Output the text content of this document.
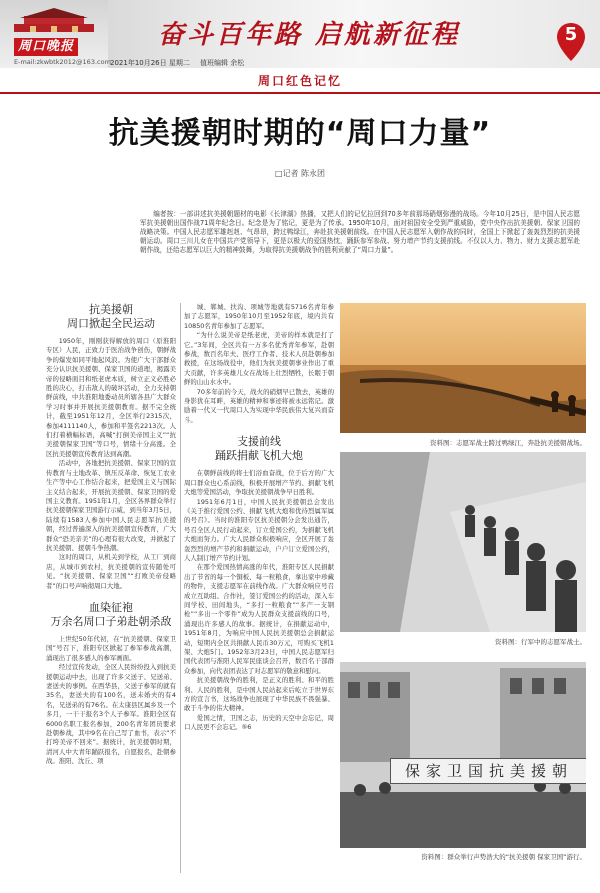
周口晚报
E-mail:zkwbtk2012@163.com 2021年10月26日 星期二 值班编辑 余松
奋斗百年路 启航新征程
周口红色记忆
5
抗美援朝时期的“周口力量”
□记者 陈永团
编者按：一部讲述抗美援朝题材的电影《长津湖》热播，又把人们的记忆拉回到70多年前那场硝烟弥漫的战场。今年10月25日，是中国人民志愿军抗美援朝出国作战71周年纪念日。纪念是为了铭记，更是为了传承。1950年10月，面对祖国安全受到严重威胁，党中央作出抗美援朝、保家卫国的战略决策。中国人民志愿军雄赳赳、气昂昂，跨过鸭绿江，奔赴抗美援朝前线。在中国人民志愿军入朝作战的同时，全国上下掀起了轰轰烈烈的抗美援朝运动。周口三川儿女在中国共产党领导下，更是以极大的爱国热忱，踊跃参军参战、努力增产节约支援前线。不仅以人力、物力、财力支援志愿军赴朝作战，还给志愿军以巨大的精神鼓舞，为取得抗美援朝战争的胜利贡献了“周口力量”。
抗美援朝
周口掀起全民运动

1950年，刚刚获得解放的周口（原淮阳专区）人民，正致力于医治战争创伤，朝鲜战争的爆发如同平地起风浪。为使广大干部群众充分认识抗美援朝、保家卫国的道理，揭露美帝的侵略面目和纸老虎本质，树立正义必胜必胜的决心，打击敌人的破坏活动，全力支持朝鲜前线，中共淮阳地委动员所辖各县广大群众学习时事并开展抗美援朝教育。据不完全统计，截至1951年12月，全区举行2315次，参加4111140人，参加和平签名2213次。人们打着横幅标语，高喊“打倒美帝国主义”“抗美援朝保家卫国”等口号，情绪十分高涨。全区抗美援朝宣传教育达到高潮。

活动中，各地把抗美援朝、保家卫国的宣传教育与土地改革、镇压反革命、恢复工农业生产等中心工作结合起来，把爱国主义与国际主义结合起来，开展抗美援朝、保家卫国的爱国主义教育。1951年1月，全区各界群众举行抗美援朝保家卫国游行示威，到当年3月5日，陆续有1583人参加中国人民志愿军抗美援朝，经过普遍深入的抗美援朝宣传教育，广大群众“恐美亲美”的心理有很大改变，并掀起了抗美援朝、援朝斗争热潮。

这时的周口，从机关到学校，从工厂到商店，从城市到农村，抗美援朝的宣传随处可见。“抗美援朝、保家卫国”“打败美帝侵略者”的口号声响彻周口大地。

血染征袍
万余名周口子弟赴朝杀敌

上世纪50年代初，在“抗美援朝、保家卫国”号召下，淮阳专区掀起了参军参战高潮，涌现出了很多感人的参军画面。

经过宣传发动，全区人民纷纷投入到抗美援朝运动中去，出现了许多父送子、兄送弟、妻送夫的事例。在西华县，父送子参军的就有35名，妻送夫的有100名，送未婚夫的有4名，兄送弟的有76名。在太康县区属乡及一个多月，一干干报名3个人子参军。淮阳全区有6000名职工报名参加，200名青年团员要求赴朝参战，其中9名在自己写了血书，表示“不打垮美帝不回来”。据统计，抗美援朝时期，清河人中大青年踊跃报名，自愿报名，赴朝参战。淮阳、沈丘、项

城、郸城、扶沟、项城等地就有5716名青年参加了志愿军，1950年10月至1952年底，境内共有10850名青年参加了志愿军。

“为什么说美帝是纸老虎，美帝的样本就是打了它。”3年间，全区共有一万多名优秀青年参军，赴朝参战，数百名年夫、医疗工作者、技术人员赴朝参加救援，在这场战役中，他们为抗美援朝事业作出了重大贡献，许多英雄儿女在战场上壮烈牺牲，长眠于朝鲜的山山水水中。

70多年前的今天，战火的硝烟早已散去，英雄的身影犹在耳畔，英雄的精神和事迹将被永远铭记。激励着一代又一代周口人为实现中华民族伟大复兴而奋斗。

支援前线
踊跃捐献飞机大炮

在朝鲜前线的将士们浴血奋战，位于后方的广大周口群众也心系前线，积极开展增产节约、捐献飞机大炮等爱国活动，争取抗美援朝战争早日胜利。

1951年6月1日，中国人民抗美援朝总会发出《关于推行爱国公约、捐献飞机大炮和优待烈属军属的号召》。当时的淮阳专区抗美援朝分会发出通告，号召全区人民行动起来，订立爱国公约，为捐献飞机大炮而努力。广大人民群众积极响应，全区开展了轰轰烈烈的增产节约和捐献运动，户户订立爱国公约，人人制订增产节约计划。

在那个爱国热情高涨的年代，淮阳专区人民捐献出了节省的每一个铜板、每一粒粮食，拿出家中珍藏的物件，支援志愿军在前线作战。广大群众响应号召成立互助组、合作社，签订爱国公约的活动，深入车间学校、田间地头，“多打一粒粮食”“多产一支钢枪”“多出一个零件”成为人民群众支援前线的口号，涌现出许多感人的故事。据统计，在捐献运动中，1951年8月，为响应中国人民抗美援朝总会捐献运动，短期内全区共捐献人民币30万元，可购买飞机1架、大炮5门。1952年3月23日，中国人民志愿军归国代表团与淮阳人民军民座谈会召开，数百名干部群众参加，向代表团表达了对志愿军的敬意和慰问。

抗美援朝战争的胜利，是正义的胜利、和平的胜利、人民的胜利，是中国人民站起来后屹立于世界东方的宣言书，这场战争也展现了中华民族不畏强暴、敢于斗争的伟大精神。

爱国之情，卫国之志，历史的天空中会忘记，周口人民更不会忘记。⑤6

资料图：志愿军战士跨过鸭绿江，奔赴抗美援朝战场。
资料图：行军中的志愿军战士。
保家卫国抗美援朝
资料图：群众举行声势浩大的“抗美援朝 保家卫国”游行。
